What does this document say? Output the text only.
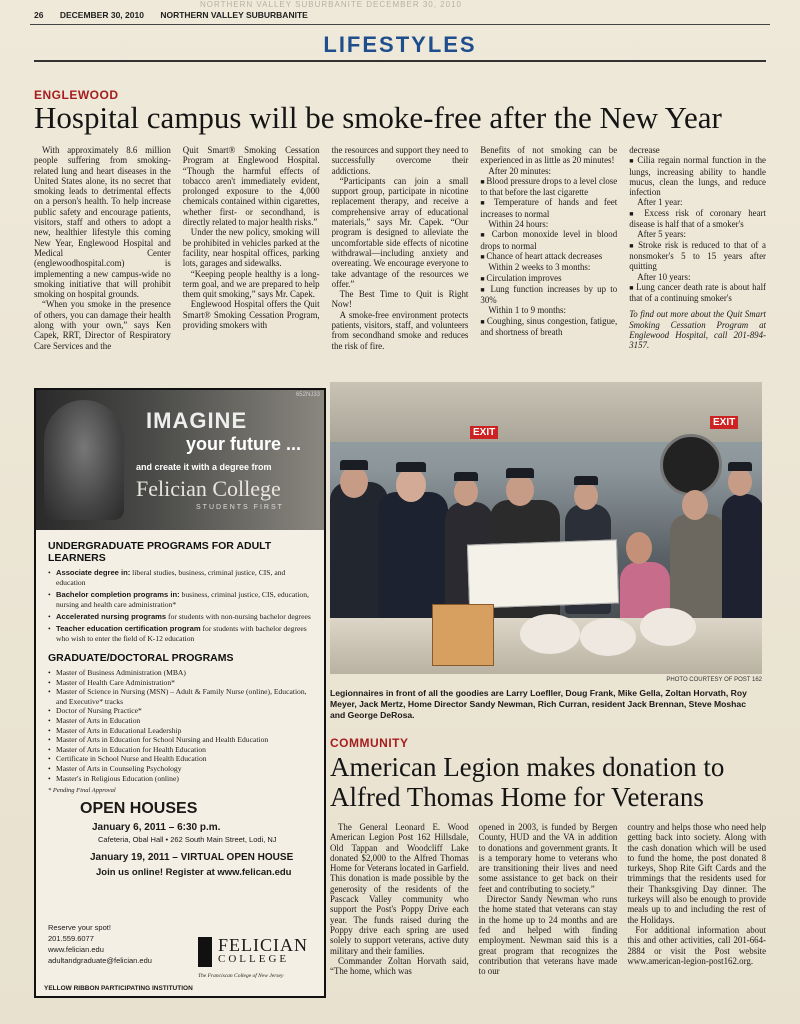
NORTHERN VALLEY SUBURBANITE DECEMBER 30, 2010
26 DECEMBER 30, 2010 NORTHERN VALLEY SUBURBANITE
LIFESTYLES
ENGLEWOOD
Hospital campus will be smoke-free after the New Year

With approximately 8.6 million people suffering from smoking-related lung and heart diseases in the United States alone, its no secret that smoking leads to detrimental effects on a person's health. To help increase public safety and encourage patients, visitors, staff and others to adopt a new, healthier lifestyle this coming New Year, Englewood Hospital and Medical Center (englewoodhospital.com) is implementing a new campus-wide no smoking initiative that will prohibit smoking on hospital grounds.

“When you smoke in the presence of others, you can damage their health along with your own,” says Ken Capek, RRT, Director of Respiratory Care Services and the

Quit Smart® Smoking Cessation Program at Englewood Hospital. “Though the harmful effects of tobacco aren't immediately evident, prolonged exposure to the 4,000 chemicals contained within cigarettes, whether first- or secondhand, is directly related to major health risks.”

Under the new policy, smoking will be prohibited in vehicles parked at the facility, near hospital offices, parking lots, garages and sidewalks.

“Keeping people healthy is a long-term goal, and we are prepared to help them quit smoking,” says Mr. Capek.

Englewood Hospital offers the Quit Smart® Smoking Cessation Program, providing smokers with

the resources and support they need to successfully overcome their addictions.

“Participants can join a small support group, participate in nicotine replacement therapy, and receive a comprehensive array of educational materials,” says Mr. Capek. “Our program is designed to alleviate the uncomfortable side effects of nicotine withdrawal—including anxiety and overeating. We encourage everyone to take advantage of the resources we offer.”

The Best Time to Quit is Right Now!

A smoke-free environment protects patients, visitors, staff, and volunteers from secondhand smoke and reduces the risk of fire.

Benefits of not smoking can be experienced in as little as 20 minutes!

After 20 minutes:

■ Blood pressure drops to a level close to that before the last cigarette

■ Temperature of hands and feet increases to normal

Within 24 hours:

■ Carbon monoxide level in blood drops to normal

■ Chance of heart attack decreases

Within 2 weeks to 3 months:

■ Circulation improves

■ Lung function increases by up to 30%

Within 1 to 9 months:

■ Coughing, sinus congestion, fatigue, and shortness of breath

decrease

■ Cilia regain normal function in the lungs, increasing ability to handle mucus, clean the lungs, and reduce infection

After 1 year:

■ Excess risk of coronary heart disease is half that of a smoker's

After 5 years:

■ Stroke risk is reduced to that of a nonsmoker's 5 to 15 years after quitting

After 10 years:

■ Lung cancer death rate is about half that of a continuing smoker's

To find out more about the Quit Smart Smoking Cessation Program at Englewood Hospital, call 201-894-3157.

652NJ33
IMAGINE
your future ...
and create it with a degree from
Felician College
STUDENTS FIRST
UNDERGRADUATE PROGRAMS FOR ADULT LEARNERS
• Associate degree in: liberal studies, business, criminal justice, CIS, and education
• Bachelor completion programs in: business, criminal justice, CIS, education, nursing and health care administration*
• Accelerated nursing programs for students with non-nursing bachelor degrees
• Teacher education certification program for students with bachelor degrees who wish to enter the field of K-12 education
GRADUATE/DOCTORAL PROGRAMS
• Master of Business Administration (MBA)
• Master of Health Care Administration*
• Master of Science in Nursing (MSN) – Adult & Family Nurse (online), Education, and Executive* tracks
• Doctor of Nursing Practice*
• Master of Arts in Education
• Master of Arts in Educational Leadership
• Master of Arts in Education for School Nursing and Health Education
• Master of Arts in Education for Health Education
• Certificate in School Nurse and Health Education
• Master of Arts in Counseling Psychology
• Master's in Religious Education (online)
* Pending Final Approval
OPEN HOUSES
January 6, 2011 – 6:30 p.m.
Cafeteria, Obal Hall • 262 South Main Street, Lodi, NJ
January 19, 2011 – VIRTUAL OPEN HOUSE
Join us online! Register at www.felican.edu
Reserve your spot!
201.559.6077
www.felician.edu
adultandgraduate@felician.edu
FELICIAN
COLLEGE
The Franciscan College of New Jersey
YELLOW RIBBON PARTICIPATING INSTITUTION
EXIT
EXIT
PHOTO COURTESY OF POST 162
Legionnaires in front of all the goodies are Larry Loefller, Doug Frank, Mike Gella, Zoltan Horvath, Roy Meyer, Jack Mertz, Home Director Sandy Newman, Rich Curran, resident Jack Brennan, Steve Moshac and George DeRosa.
COMMUNITY
American Legion makes donation to
Alfred Thomas Home for Veterans

The General Leonard E. Wood American Legion Post 162 Hillsdale, Old Tappan and Woodcliff Lake donated $2,000 to the Alfred Thomas Home for Veterans located in Garfield. This donation is made possible by the generosity of the residents of the Pascack Valley community who support the Post's Poppy Drive each year. The funds raised during the Poppy drive each spring are used solely to support veterans, active duty military and their families.

Commander Zoltan Horvath said, “The home, which was

opened in 2003, is funded by Bergen County, HUD and the VA in addition to donations and government grants. It is a temporary home to veterans who are transitioning their lives and need some assistance to get back on their feet and contributing to society.”

Director Sandy Newman who runs the home stated that veterans can stay in the home up to 24 months and are fed and helped with finding employment. Newman said this is a great program that recognizes the contribution that veterans have made to our

country and helps those who need help getting back into society. Along with the cash donation which will be used to fund the home, the post donated 8 turkeys, Shop Rite Gift Cards and the trimmings that the residents used for their Thanksgiving Day dinner. The turkeys will also be enough to provide meals up to and including the rest of the Holidays.

For additional information about this and other activities, call 201-664-2884 or visit the Post website www.american-legion-post162.org.
